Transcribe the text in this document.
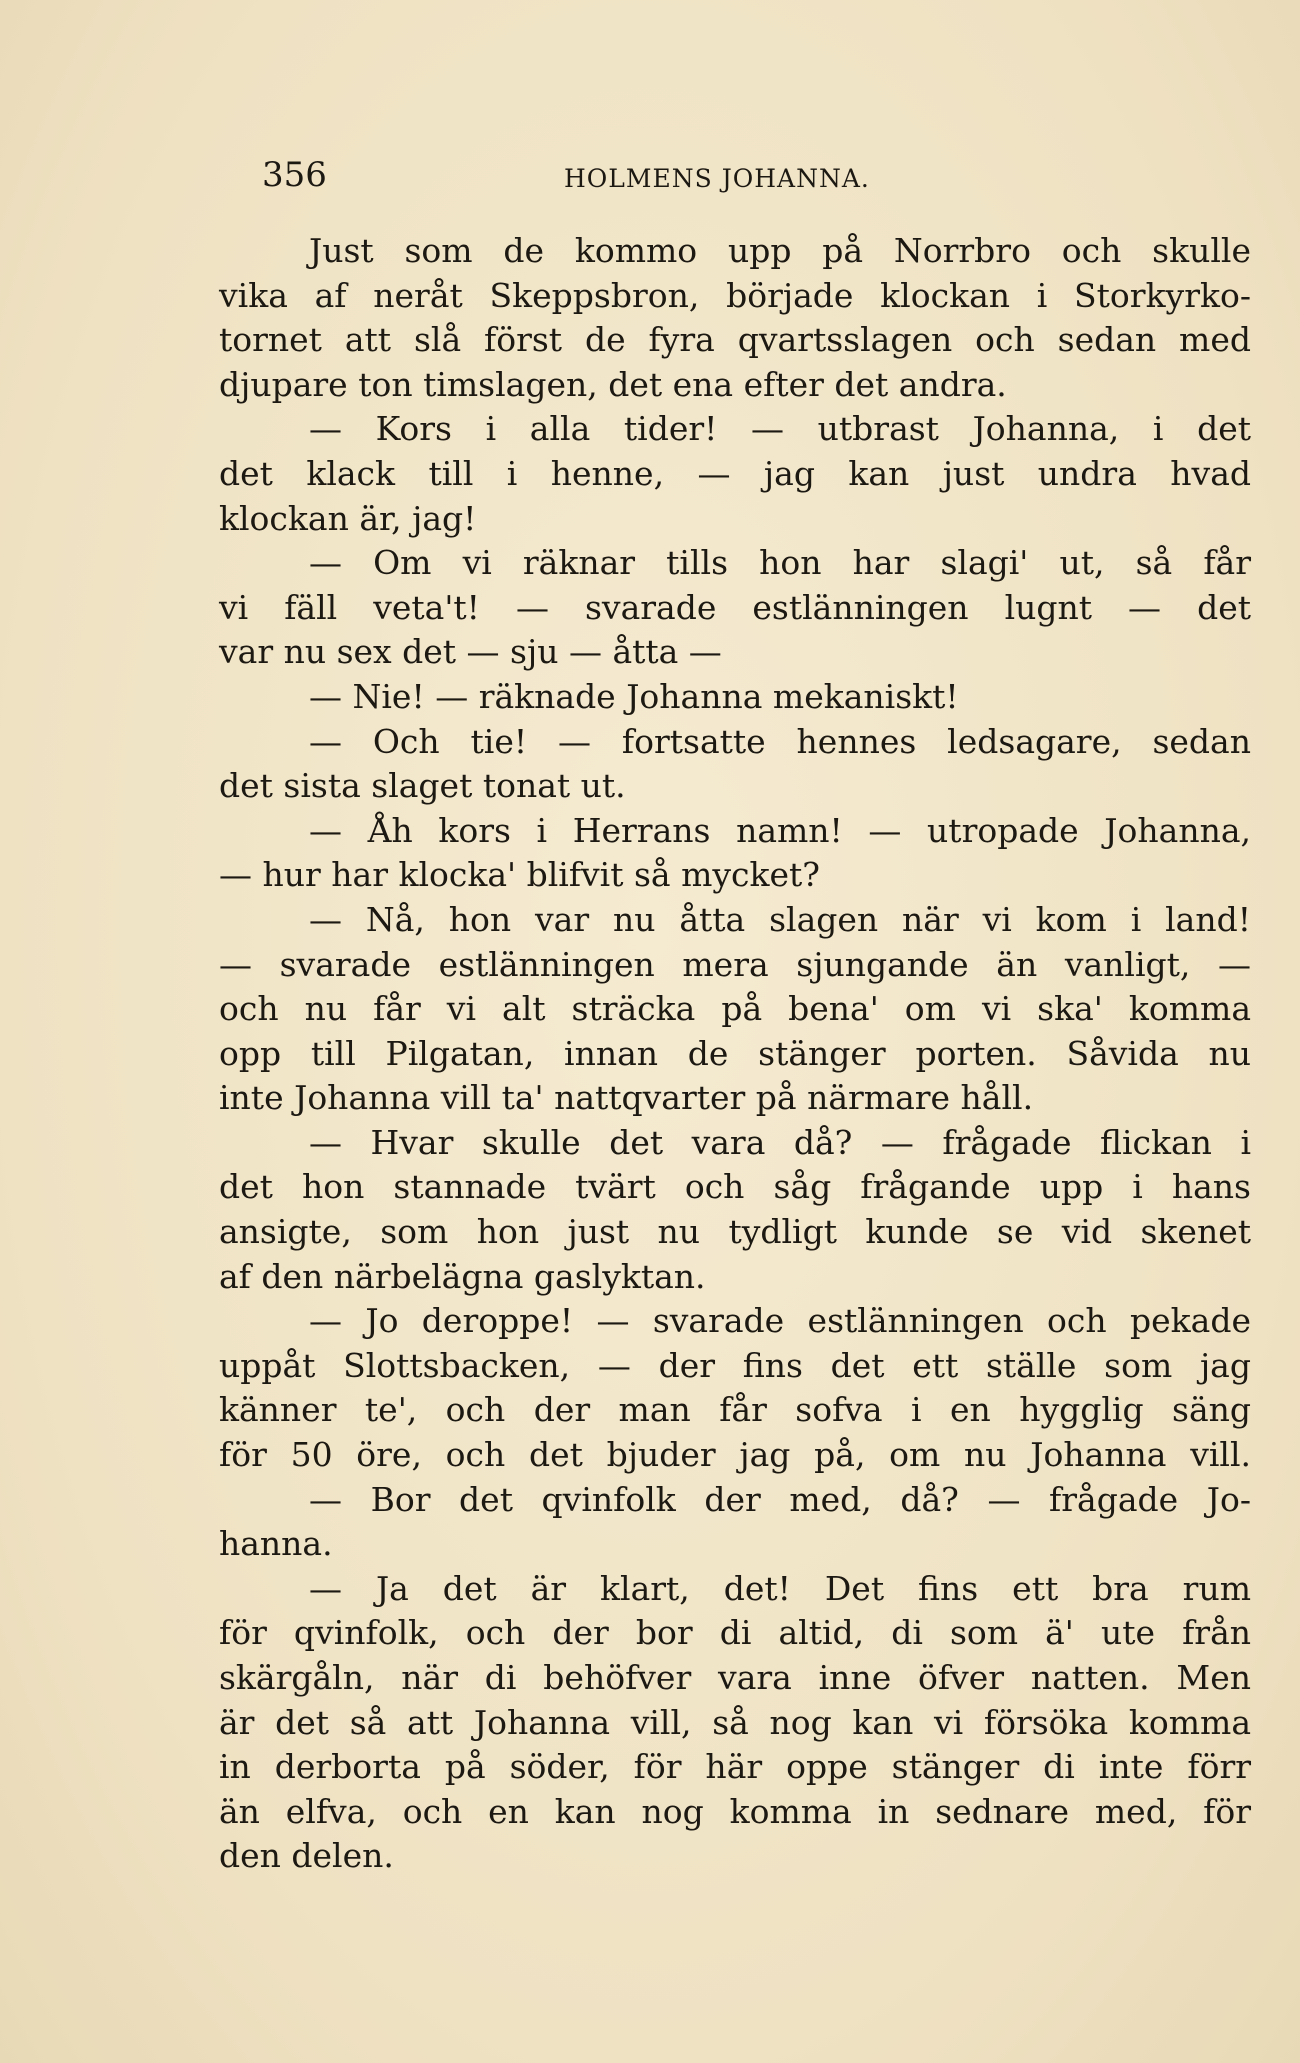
356	HOLMENS JOHANNA.
Just som de kommo upp på Norrbro och skulle
vika af neråt Skeppsbron, började klockan i Storkyrko-
tornet att slå först de fyra qvartsslagen och sedan med
djupare ton timslagen, det ena efter det andra.
— Kors i alla tider! — utbrast Johanna, i det
det klack till i henne, — jag kan just undra hvad
klockan är, jag!
— Om vi räknar tills hon har slagi' ut, så får
vi fäll veta't! — svarade estlänningen lugnt — det
var nu sex det — sju — åtta —
— Nie! — räknade Johanna mekaniskt!
— Och tie! — fortsatte hennes ledsagare, sedan
det sista slaget tonat ut.
— Åh kors i Herrans namn! — utropade Johanna,
— hur har klocka' blifvit så mycket?
— Nå, hon var nu åtta slagen när vi kom i land!
— svarade estlänningen mera sjungande än vanligt, —
och nu får vi alt sträcka på bena' om vi ska' komma
opp till Pilgatan, innan de stänger porten. Såvida nu
inte Johanna vill ta' nattqvarter på närmare håll.
— Hvar skulle det vara då? — frågade flickan i
det hon stannade tvärt och såg frågande upp i hans
ansigte, som hon just nu tydligt kunde se vid skenet
af den närbelägna gaslyktan.
— Jo deroppe! — svarade estlänningen och pekade
uppåt Slottsbacken, — der fins det ett ställe som jag
känner te', och der man får sofva i en hygglig säng
för 50 öre, och det bjuder jag på, om nu Johanna vill.
— Bor det qvinfolk der med, då? — frågade Jo-
hanna.
— Ja det är klart, det! Det fins ett bra rum
för qvinfolk, och der bor di altid, di som ä' ute från
skärgåln, när di behöfver vara inne öfver natten. Men
är det så att Johanna vill, så nog kan vi försöka komma
in derborta på söder, för här oppe stänger di inte förr
än elfva, och en kan nog komma in sednare med, för
den delen.
